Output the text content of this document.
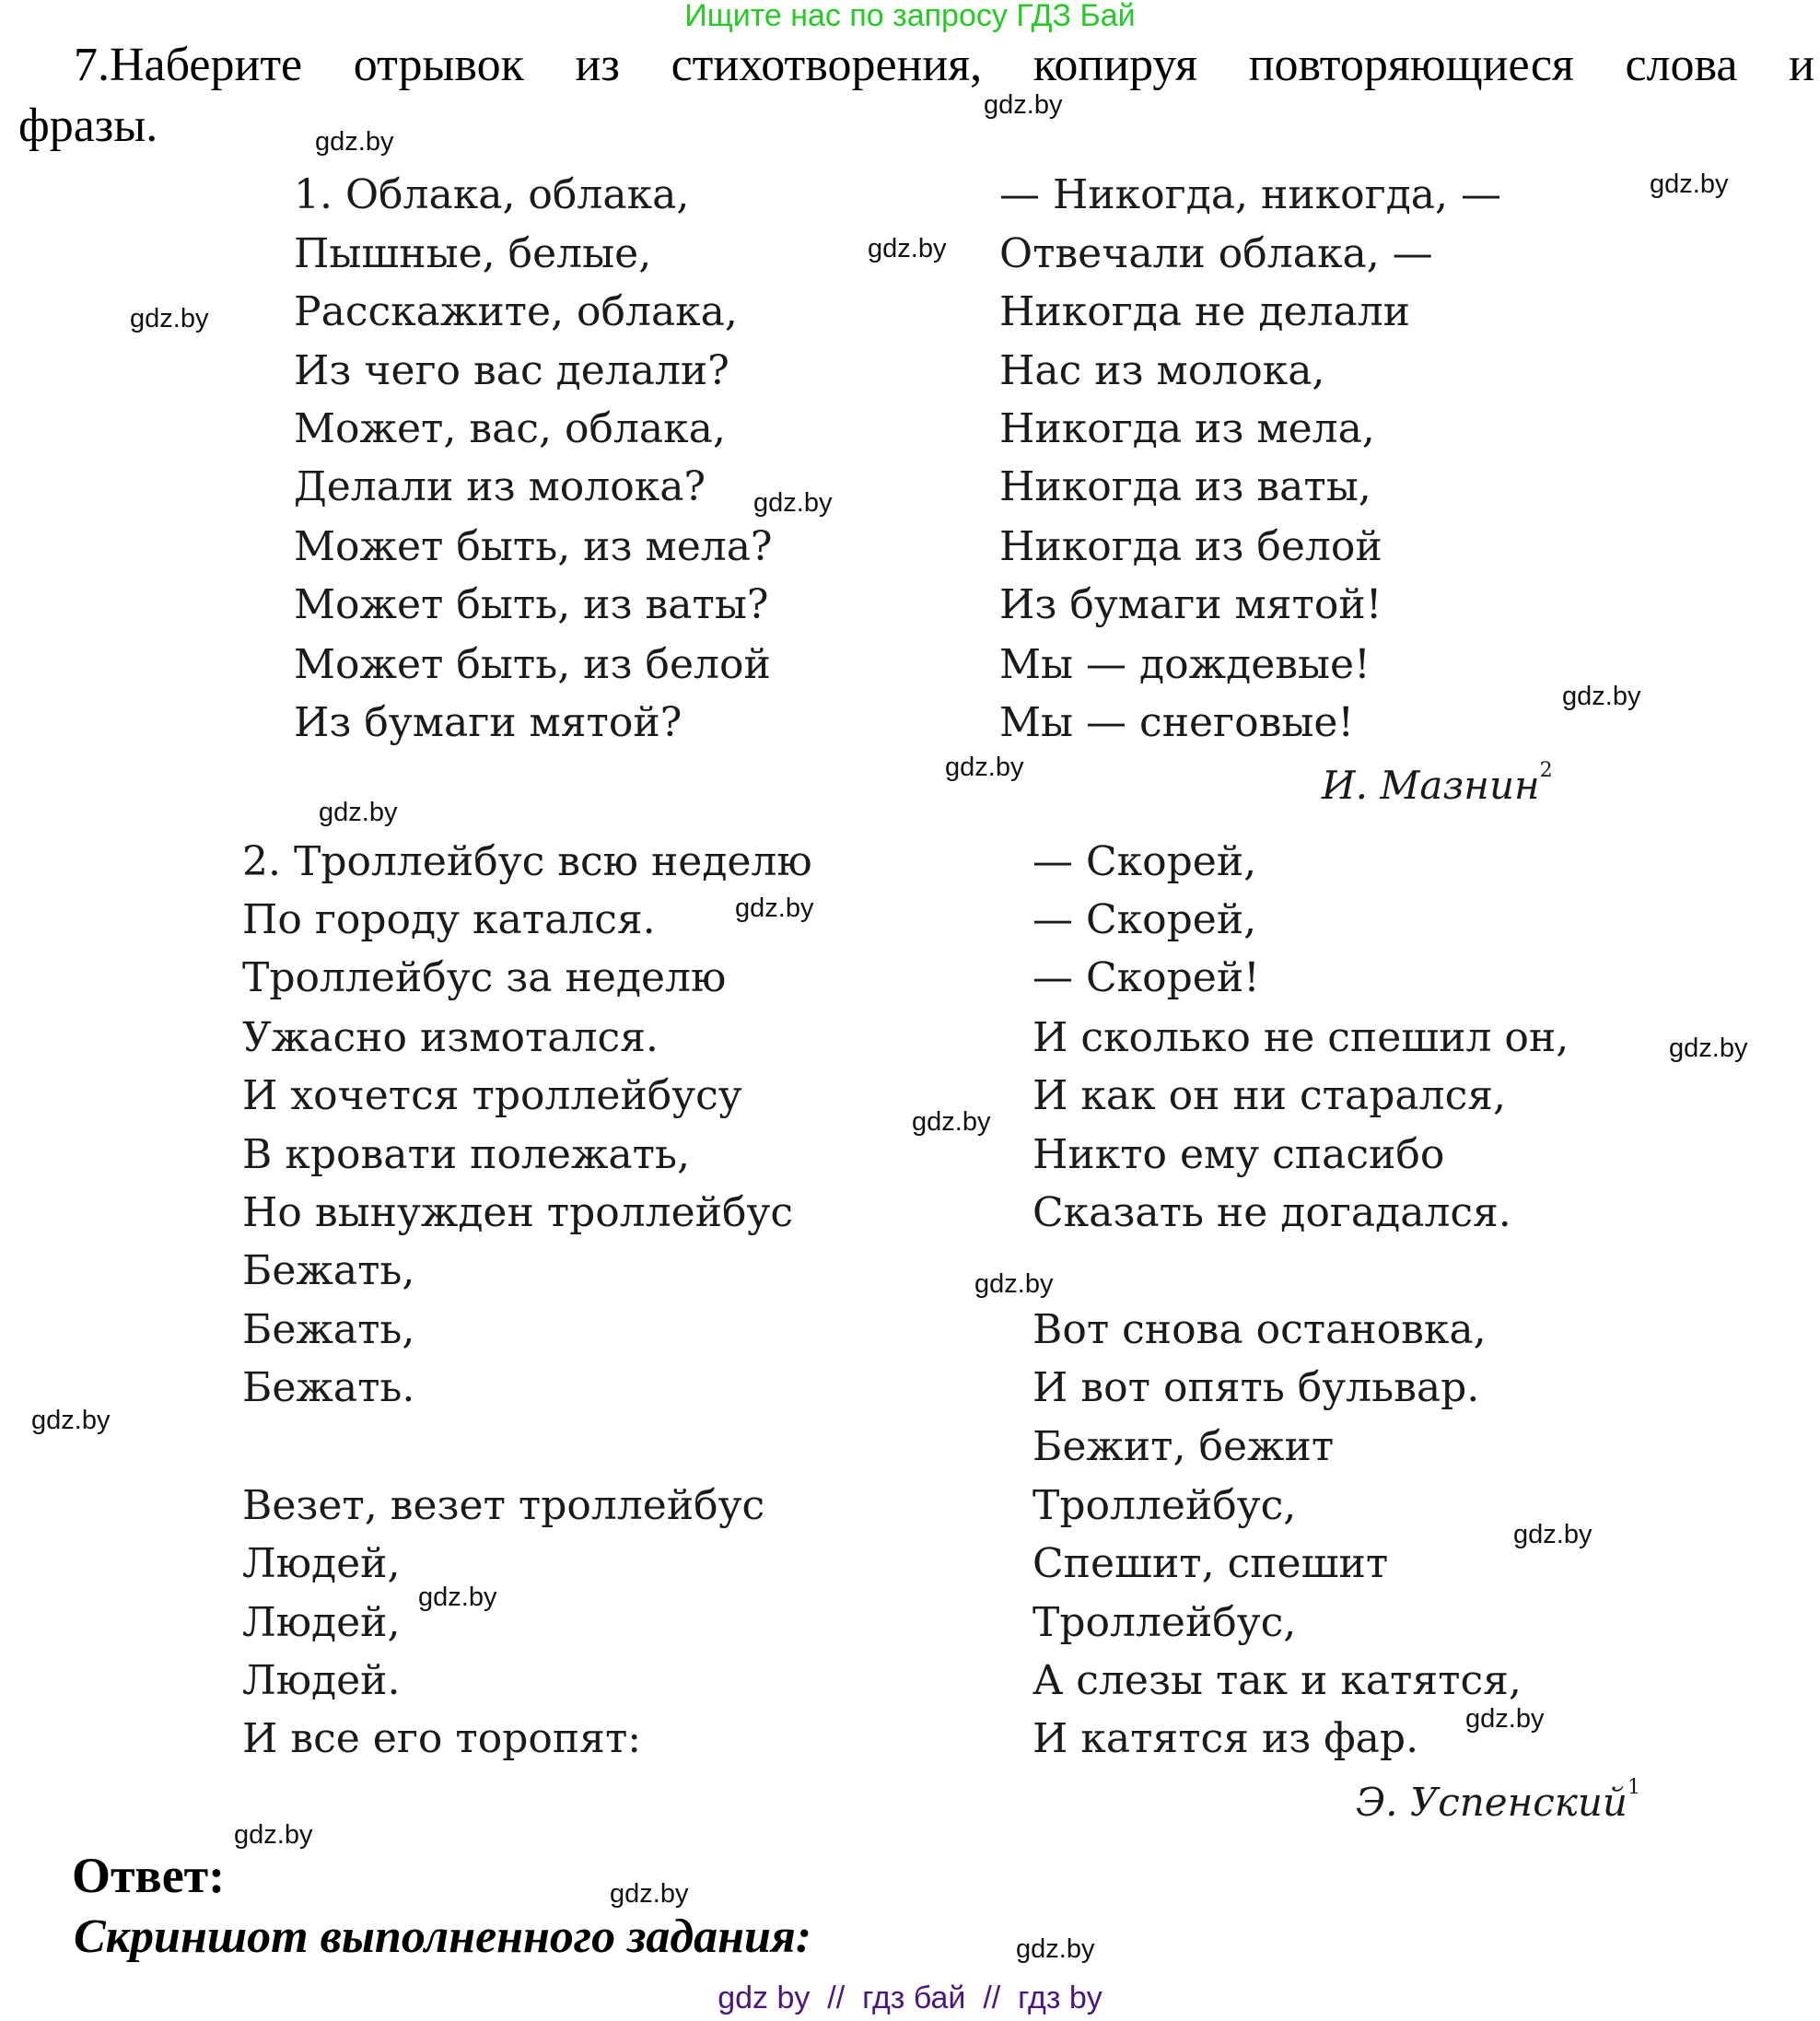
Ищите нас по запросу ГДЗ Бай
7.Наберите отрывок из стихотворения, копируя повторяющиеся слова и
фразы.
1. Облака, облака,
Пышные, белые,
Расскажите, облака,
Из чего вас делали?
Может, вас, облака,
Делали из молока?
Может быть, из мела?
Может быть, из ваты?
Может быть, из белой
Из бумаги мятой?
— Никогда, никогда, —
Отвечали облака, —
Никогда не делали
Нас из молока,
Никогда из мела,
Никогда из ваты,
Никогда из белой
Из бумаги мятой!
Мы — дождевые!
Мы — снеговые!
И. Мазнин$^2$
2. Троллейбус всю неделю
По городу катался.
Троллейбус за неделю
Ужасно измотался.
И хочется троллейбусу
В кровати полежать,
Но вынужден троллейбус
Бежать,
Бежать,
Бежать.
Везет, везет троллейбус
Людей,
Людей,
Людей.
И все его торопят:
— Скорей,
— Скорей,
— Скорей!
И сколько не спешил он,
И как он ни старался,
Никто ему спасибо
Сказать не догадался.
Вот снова остановка,
И вот опять бульвар.
Бежит, бежит
Троллейбус,
Спешит, спешит
Троллейбус,
А слезы так и катятся,
И катятся из фар.
Э. Успенский$^1$
Ответ:
Скриншот выполненного задания:
gdz.by
gdz.by
gdz.by
gdz.by
gdz.by
gdz.by
gdz.by
gdz.by
gdz.by
gdz.by
gdz.by
gdz.by
gdz.by
gdz.by
gdz.by
gdz.by
gdz.by
gdz.by
gdz.by
gdz.by
gdz by  //  гдз бай  //  гдз by
